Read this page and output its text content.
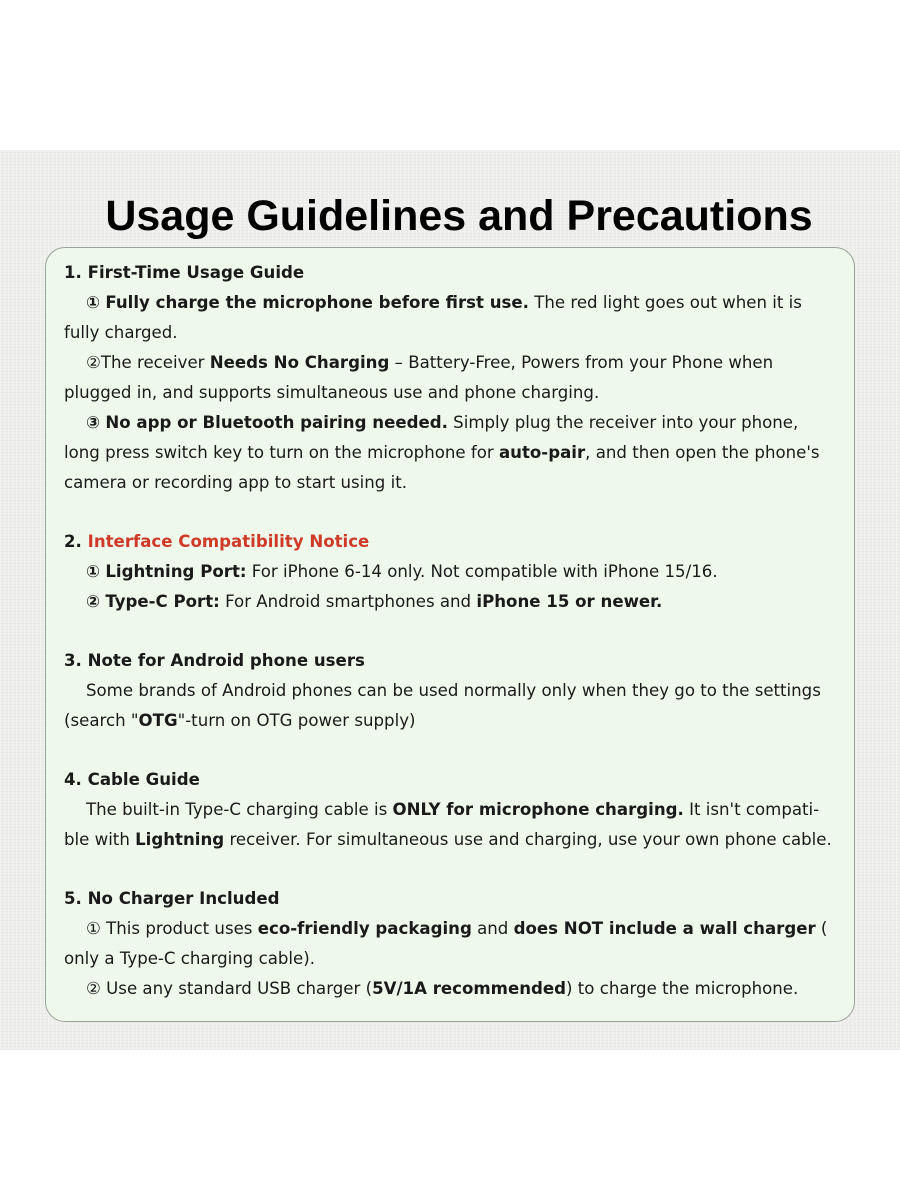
Usage Guidelines and Precautions

1. First-Time Usage Guide

① Fully charge the microphone before first use. The red light goes out when it is fully charged.

②The receiver Needs No Charging – Battery-Free, Powers from your Phone when plugged in, and supports simultaneous use and phone charging.

③ No app or Bluetooth pairing needed. Simply plug the receiver into your phone, long press switch key to turn on the microphone for auto-pair, and then open the phone's camera or recording app to start using it.

2. Interface Compatibility Notice

① Lightning Port: For iPhone 6-14 only. Not compatible with iPhone 15/16.

② Type-C Port: For Android smartphones and iPhone 15 or newer.

3. Note for Android phone users

Some brands of Android phones can be used normally only when they go to the settings (search "OTG"-turn on OTG power supply)

4. Cable Guide

The built-in Type-C charging cable is ONLY for microphone charging. It isn't compati-ble with Lightning receiver. For simultaneous use and charging, use your own phone cable.

5. No Charger Included

① This product uses eco-friendly packaging and does NOT include a wall charger ( only a Type-C charging cable).

② Use any standard USB charger (5V/1A recommended) to charge the microphone.
